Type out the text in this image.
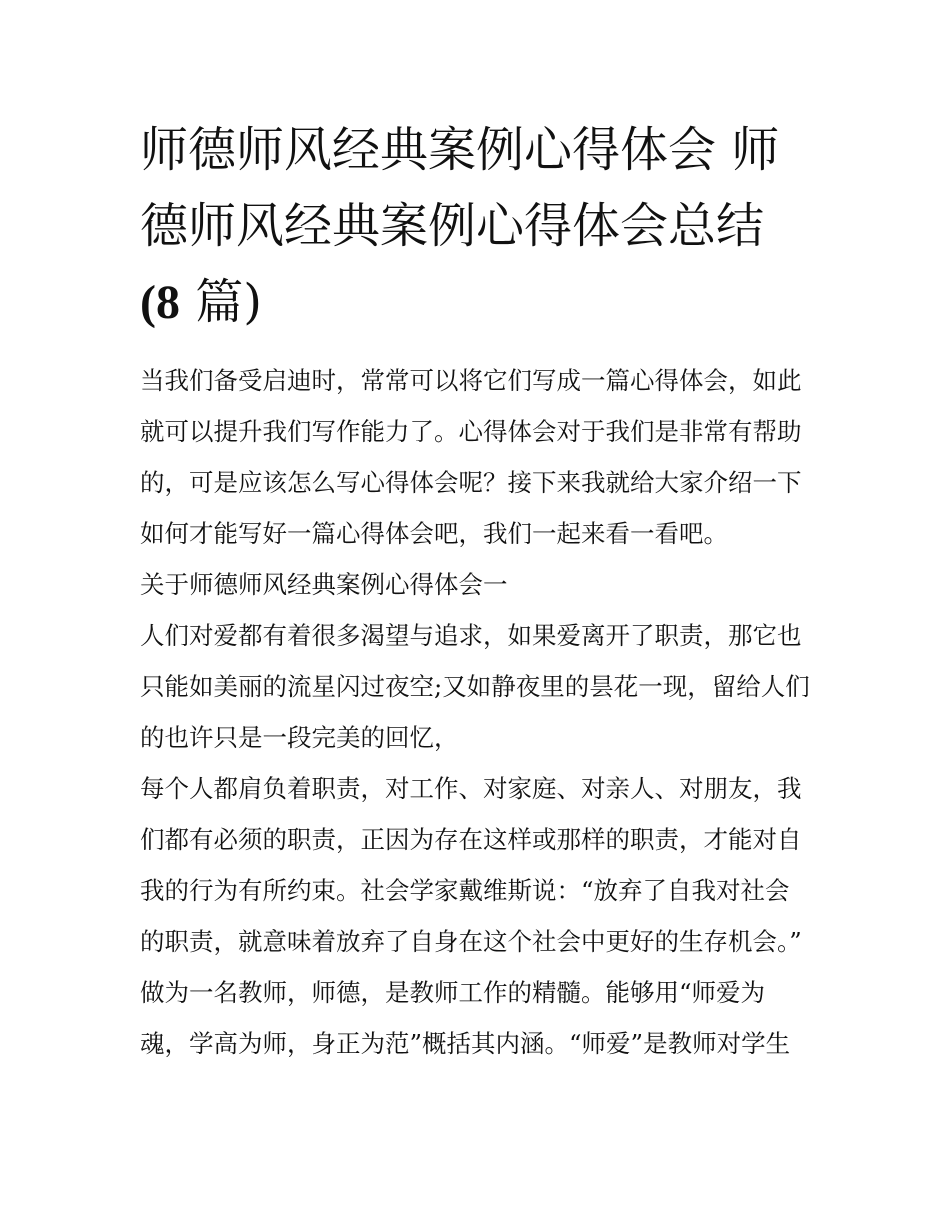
师德师风经典案例心得体会 师德师风经典案例心得体会总结
(8 篇)

当我们备受启迪时，常常可以将它们写成一篇心得体会，如此就可以提升我们写作能力了。心得体会对于我们是非常有帮助的，可是应该怎么写心得体会呢？接下来我就给大家介绍一下如何才能写好一篇心得体会吧，我们一起来看一看吧。

关于师德师风经典案例心得体会一

人们对爱都有着很多渴望与追求，如果爱离开了职责，那它也只能如美丽的流星闪过夜空;又如静夜里的昙花一现，留给人们的也许只是一段完美的回忆，

每个人都肩负着职责，对工作、对家庭、对亲人、对朋友，我们都有必须的职责，正因为存在这样或那样的职责，才能对自我的行为有所约束。社会学家戴维斯说：“放弃了自我对社会的职责，就意味着放弃了自身在这个社会中更好的生存机会。”

做为一名教师，师德，是教师工作的精髓。能够用“师爱为魂，学高为师，身正为范”概括其内涵。“师爱”是教师对学生
